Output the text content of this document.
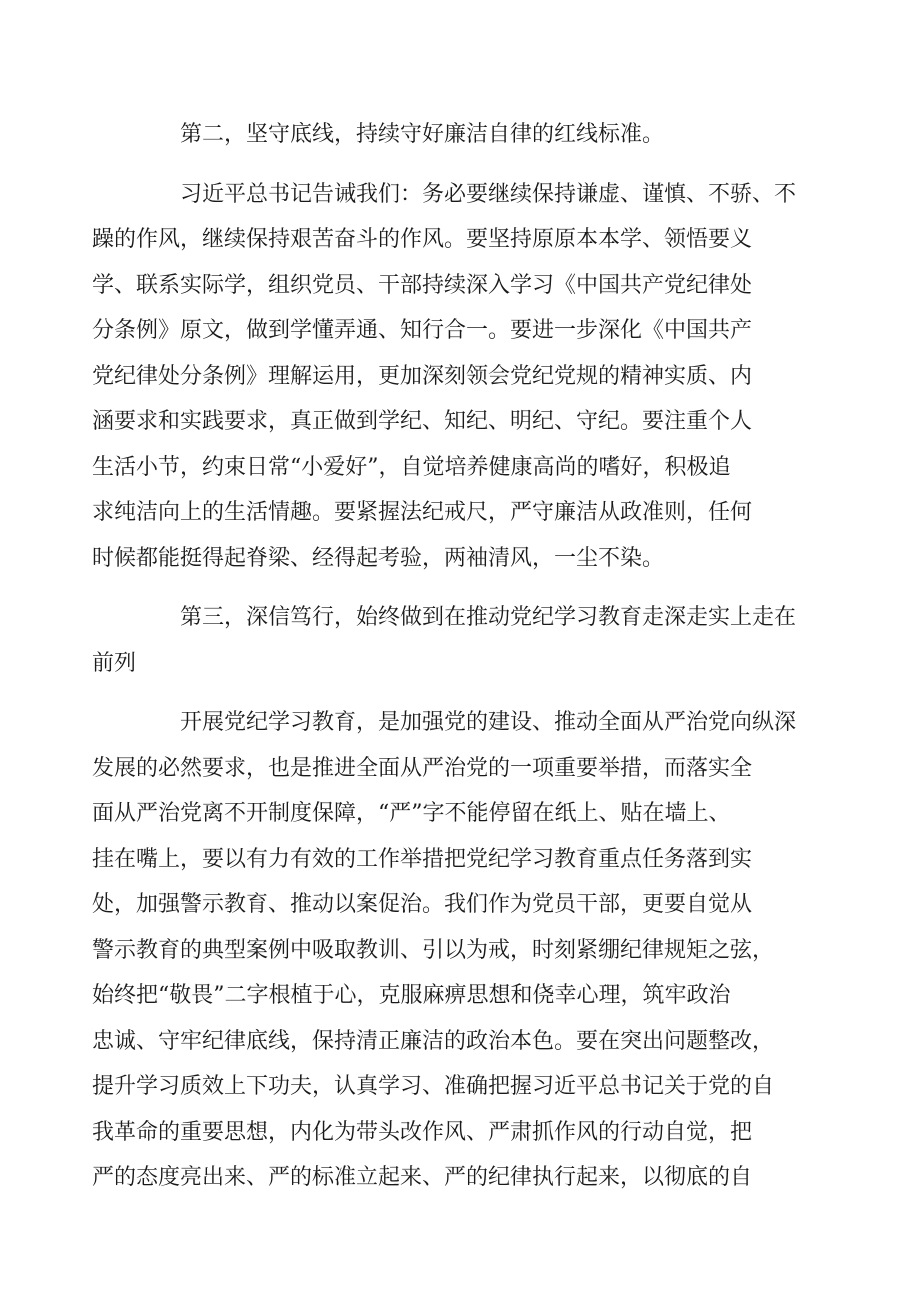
第二，坚守底线，持续守好廉洁自律的红线标准。

习近平总书记告诫我们：务必要继续保持谦虚、谨慎、不骄、不
躁的作风，继续保持艰苦奋斗的作风。要坚持原原本本学、领悟要义
学、联系实际学，组织党员、干部持续深入学习《中国共产党纪律处
分条例》原文，做到学懂弄通、知行合一。要进一步深化《中国共产
党纪律处分条例》理解运用，更加深刻领会党纪党规的精神实质、内
涵要求和实践要求，真正做到学纪、知纪、明纪、守纪。要注重个人
生活小节，约束日常“小爱好”，自觉培养健康高尚的嗜好，积极追
求纯洁向上的生活情趣。要紧握法纪戒尺，严守廉洁从政准则，任何
时候都能挺得起脊梁、经得起考验，两袖清风，一尘不染。

第三，深信笃行，始终做到在推动党纪学习教育走深走实上走在
前列

开展党纪学习教育，是加强党的建设、推动全面从严治党向纵深
发展的必然要求，也是推进全面从严治党的一项重要举措，而落实全
面从严治党离不开制度保障，“严”字不能停留在纸上、贴在墙上、
挂在嘴上，要以有力有效的工作举措把党纪学习教育重点任务落到实
处，加强警示教育、推动以案促治。我们作为党员干部，更要自觉从
警示教育的典型案例中吸取教训、引以为戒，时刻紧绷纪律规矩之弦，
始终把“敬畏”二字根植于心，克服麻痹思想和侥幸心理，筑牢政治
忠诚、守牢纪律底线，保持清正廉洁的政治本色。要在突出问题整改，
提升学习质效上下功夫，认真学习、准确把握习近平总书记关于党的自
我革命的重要思想，内化为带头改作风、严肃抓作风的行动自觉，把
严的态度亮出来、严的标准立起来、严的纪律执行起来，以彻底的自
